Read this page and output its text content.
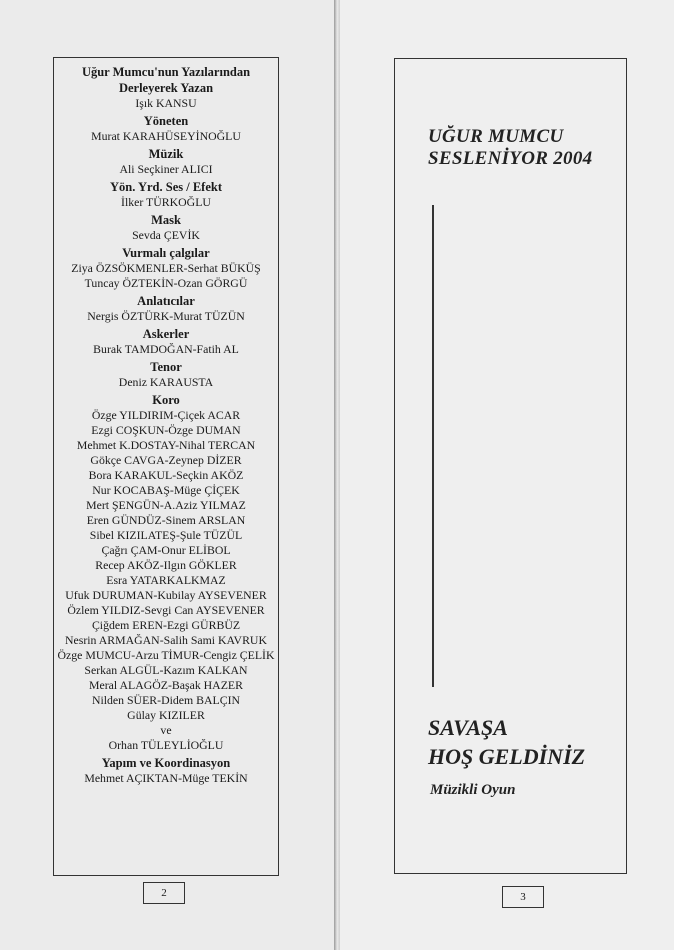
Uğur Mumcu'nun Yazılarından Derleyerek Yazan
Işık KANSU
Yöneten
Murat KARAHÜSEYİNOĞLU
Müzik
Ali Seçkiner ALICI
Yön. Yrd. Ses / Efekt
İlker TÜRKOĞLU
Mask
Sevda ÇEVİK
Vurmalı çalgılar
Ziya ÖZSÖKMENLER-Serhat BÜKÜŞ
Tuncay ÖZTEKİN-Ozan GÖRGÜ
Anlatıcılar
Nergis ÖZTÜRK-Murat TÜZÜN
Askerler
Burak TAMDOĞAN-Fatih AL
Tenor
Deniz KARAUSTA
Koro
Özge YILDIRIM-Çiçek ACAR
Ezgi COŞKUN-Özge DUMAN
Mehmet K.DOSTAY-Nihal TERCAN
Gökçe CAVGA-Zeynep DİZER
Bora KARAKUL-Seçkin AKÖZ
Nur KOCABAŞ-Müge ÇİÇEK
Mert ŞENGÜN-A.Aziz YILMAZ
Eren GÜNDÜZ-Sinem ARSLAN
Sibel KIZILATEŞ-Şule TÜZÜL
Çağrı ÇAM-Onur ELİBOL
Recep AKÖZ-Ilgın GÖKLER
Esra YATARKALKMAZ
Ufuk DURUMAN-Kubilay AYSEVENER
Özlem YILDIZ-Sevgi Can AYSEVENER
Çiğdem EREN-Ezgi GÜRBÜZ
Nesrin ARMAĞAN-Salih Sami KAVRUK
Özge MUMCU-Arzu TİMUR-Cengiz ÇELİK
Serkan ALGÜL-Kazım KALKAN
Meral ALAGÖZ-Başak HAZER
Nilden SÜER-Didem BALÇIN
Gülay KIZILER
ve
Orhan TÜLEYLİOĞLU
Yapım ve Koordinasyon
Mehmet AÇIKTAN-Müge TEKİN
2
UĞUR MUMCU
SESLENİYOR 2004
SAVAŞA
HOŞ GELDİNİZ
Müzikli Oyun
3
